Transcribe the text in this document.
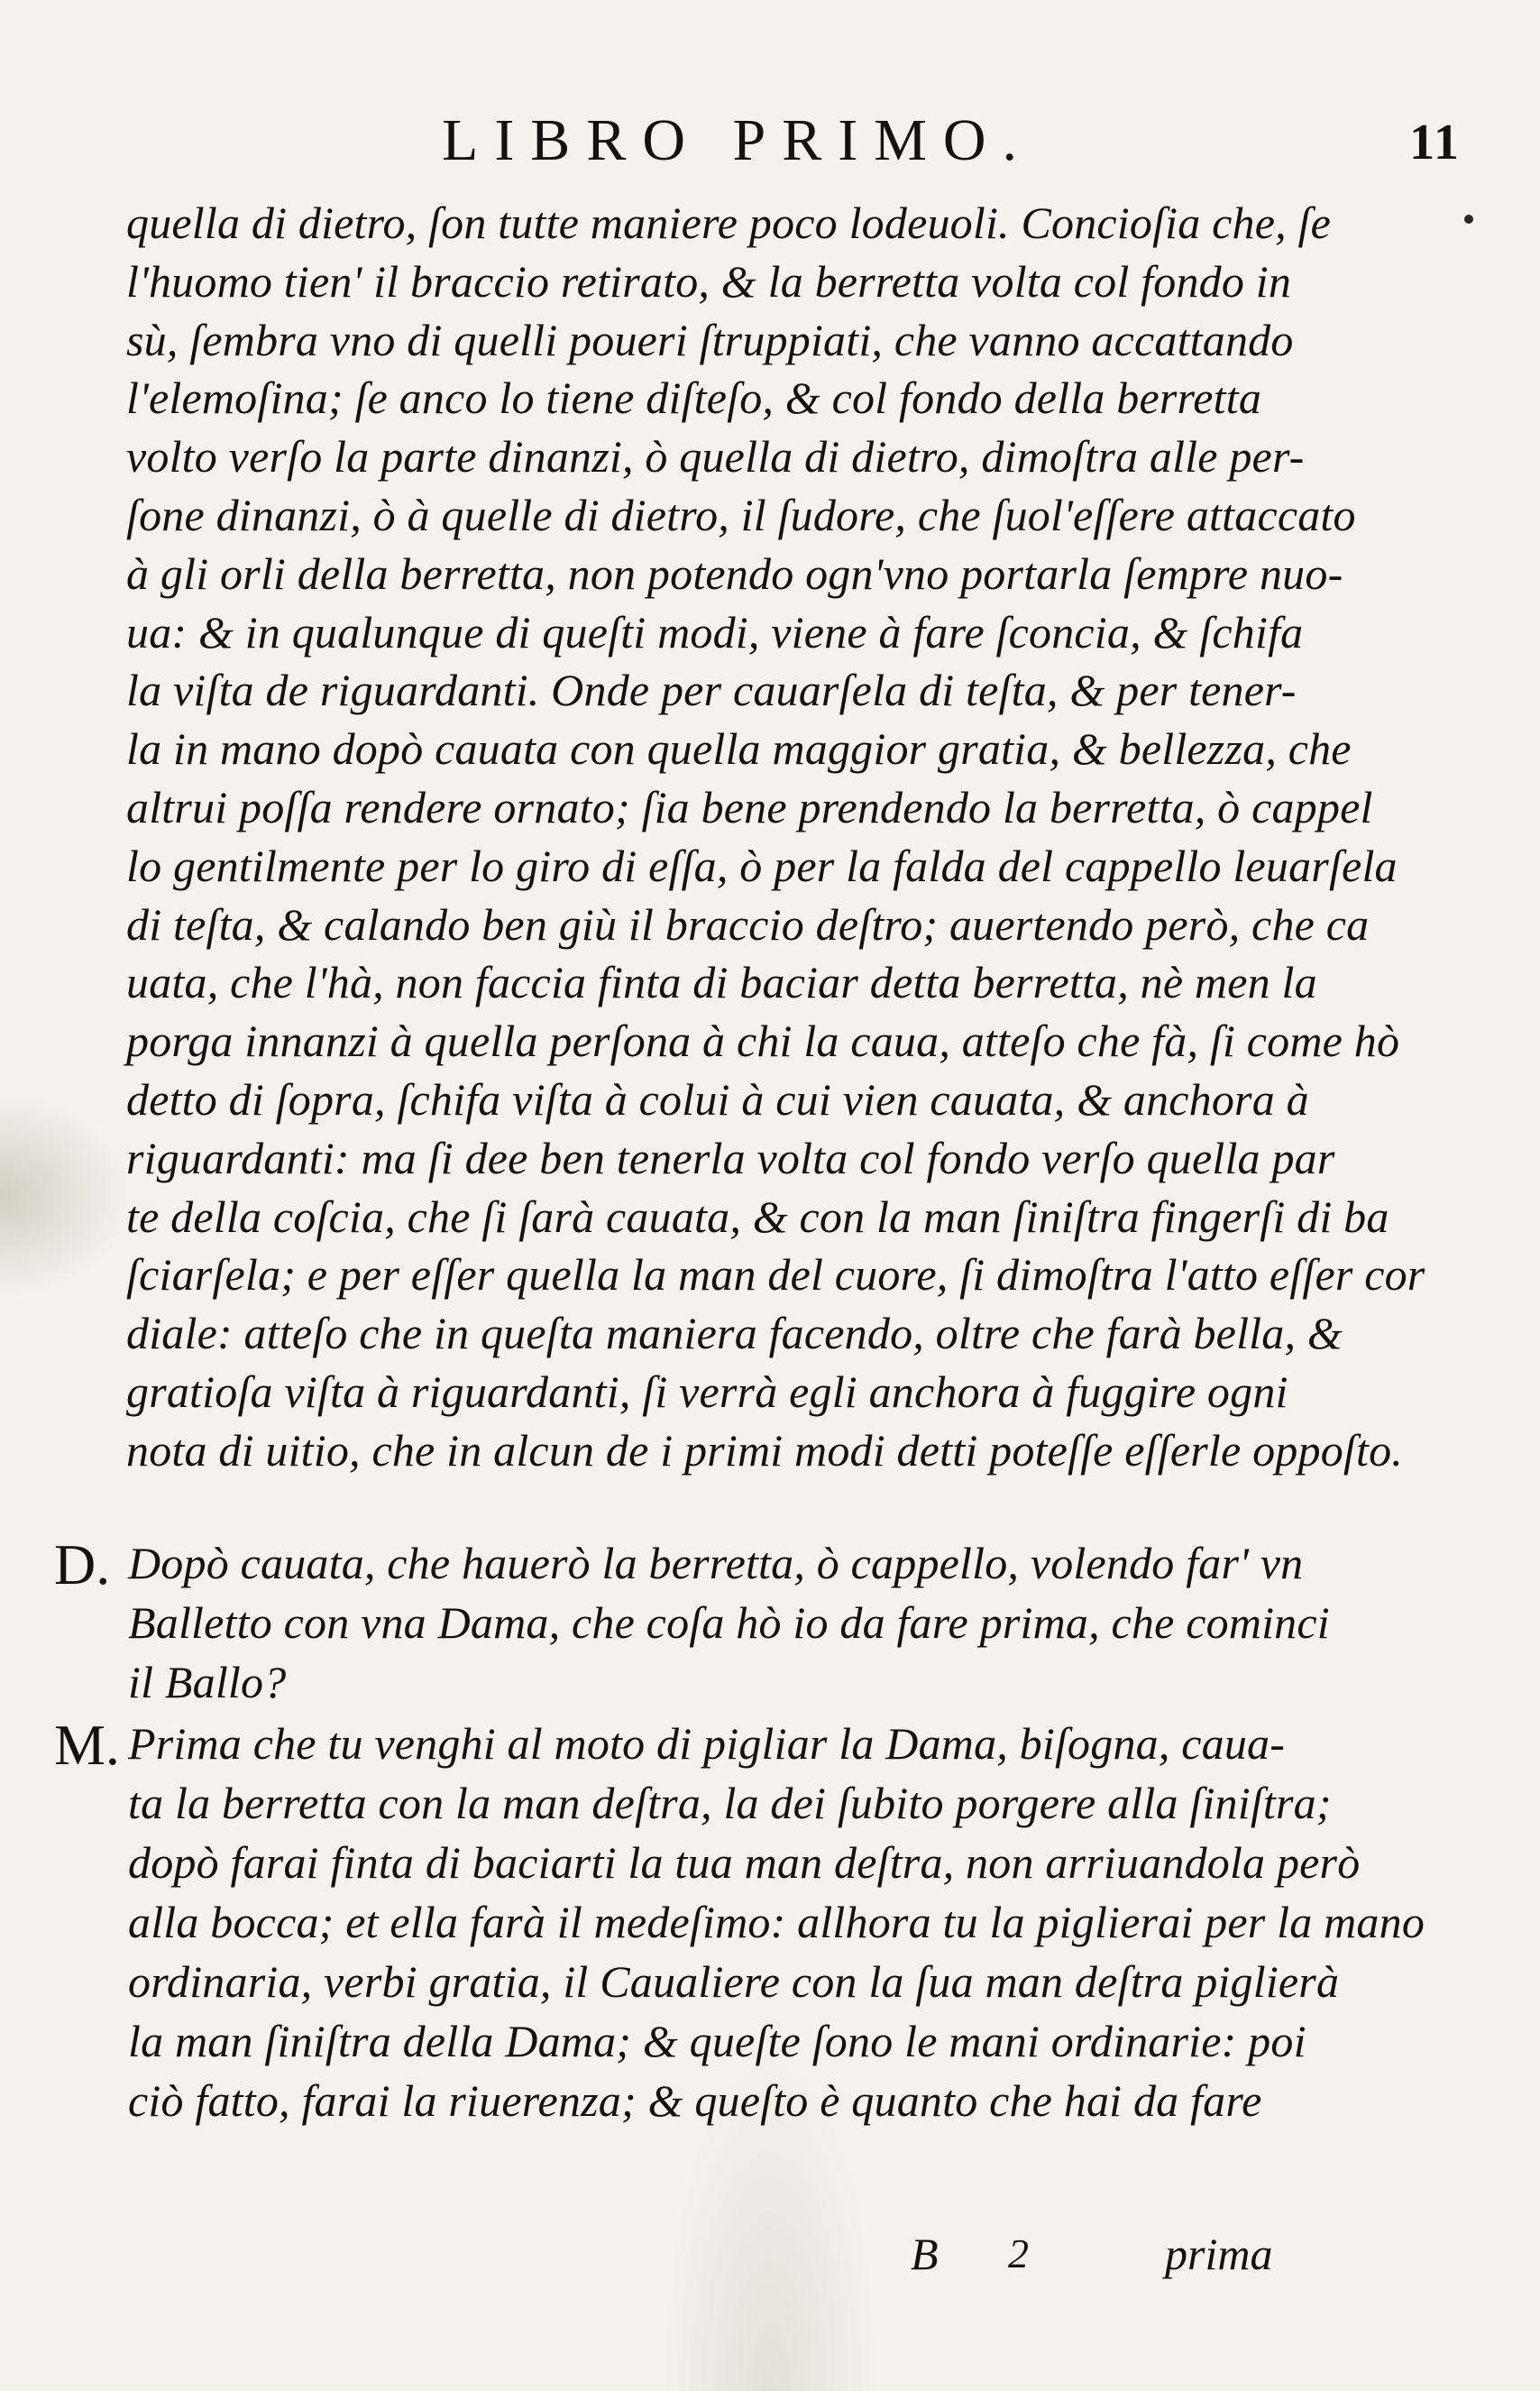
LIBRO PRIMO.	11
quella di dietro, ſon tutte maniere poco lodeuoli. Concioſia che, ſe
l'huomo tien' il braccio retirato, & la berretta volta col fondo in
sù, ſembra vno di quelli poueri ſtruppiati, che vanno accattando
l'elemoſina; ſe anco lo tiene diſteſo, & col fondo della berretta
volto verſo la parte dinanzi, ò quella di dietro, dimoſtra alle per-
ſone dinanzi, ò à quelle di dietro, il ſudore, che ſuol'eſſere attaccato
à gli orli della berretta, non potendo ogn'vno portarla ſempre nuo-
ua: & in qualunque di queſti modi, viene à fare ſconcia, & ſchifa
la viſta de riguardanti. Onde per cauarſela di teſta, & per tener-
la in mano dopò cauata con quella maggior gratia, & bellezza, che
altrui poſſa rendere ornato; ſia bene prendendo la berretta, ò cappel
lo gentilmente per lo giro di eſſa, ò per la falda del cappello leuarſela
di teſta, & calando ben giù il braccio deſtro; auertendo però, che ca
uata, che l'hà, non faccia finta di baciar detta berretta, nè men la
porga innanzi à quella perſona à chi la caua, atteſo che fà, ſi come hò
detto di ſopra, ſchifa viſta à colui à cui vien cauata, & anchora à
riguardanti: ma ſi dee ben tenerla volta col fondo verſo quella par
te della coſcia, che ſi ſarà cauata, & con la man ſiniſtra fingerſi di ba
ſciarſela; e per eſſer quella la man del cuore, ſi dimoſtra l'atto eſſer cor
diale: atteſo che in queſta maniera facendo, oltre che farà bella, &
gratioſa viſta à riguardanti, ſi verrà egli anchora à fuggire ogni
nota di uitio, che in alcun de i primi modi detti poteſſe eſſerle oppoſto.
D. Dopò cauata, che hauerò la berretta, ò cappello, volendo far' vn
Balletto con vna Dama, che coſa hò io da fare prima, che cominci
il Ballo?
M. Prima che tu venghi al moto di pigliar la Dama, biſogna, caua-
ta la berretta con la man deſtra, la dei ſubito porgere alla ſiniſtra;
dopò farai finta di baciarti la tua man deſtra, non arriuandola però
alla bocca; et ella farà il medeſimo: allhora tu la piglierai per la mano
ordinaria, verbi gratia, il Caualiere con la ſua man deſtra piglierà
la man ſiniſtra della Dama; & queſte ſono le mani ordinarie: poi
ciò fatto, farai la riuerenza; & queſto è quanto che hai da fare
B 2	prima
